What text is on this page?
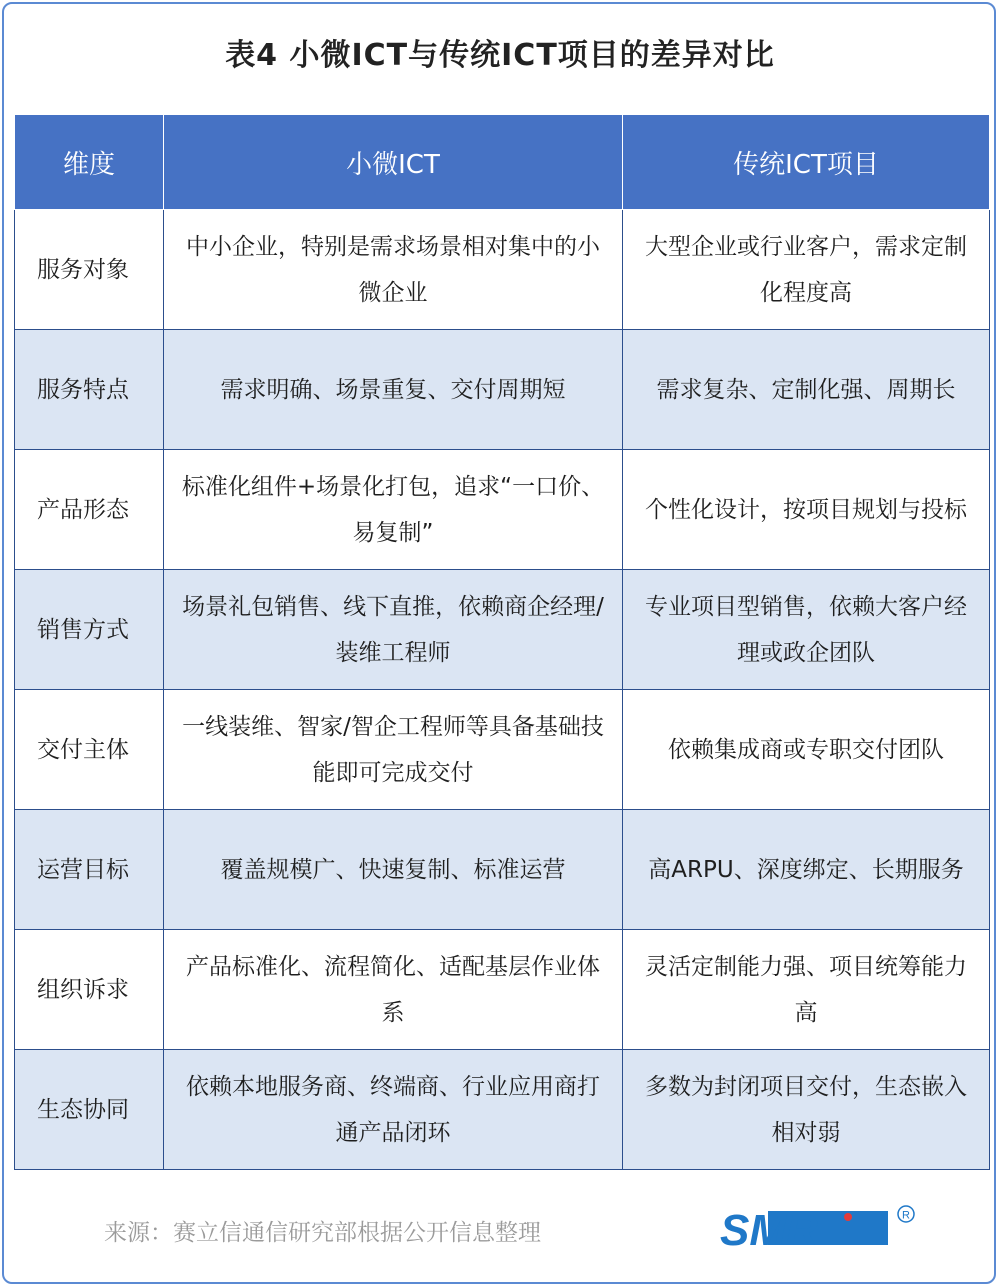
表4 小微ICT与传统ICT项目的差异对比
维度	小微ICT	传统ICT项目
服务对象	中小企业，特别是需求场景相对集中的小微企业	大型企业或行业客户，需求定制化程度高
服务特点	需求明确、场景重复、交付周期短	需求复杂、定制化强、周期长
产品形态	标准化组件+场景化打包，追求“一口价、易复制”	个性化设计，按项目规划与投标
销售方式	场景礼包销售、线下直推，依赖商企经理/装维工程师	专业项目型销售，依赖大客户经理或政企团队
交付主体	一线装维、智家/智企工程师等具备基础技能即可完成交付	依赖集成商或专职交付团队
运营目标	覆盖规模广、快速复制、标准运营	高ARPU、深度绑定、长期服务
组织诉求	产品标准化、流程简化、适配基层作业体系	灵活定制能力强、项目统筹能力高
生态协同	依赖本地服务商、终端商、行业应用商打通产品闭环	多数为封闭项目交付，生态嵌入相对弱
来源：赛立信通信研究部根据公开信息整理	SMR	R
